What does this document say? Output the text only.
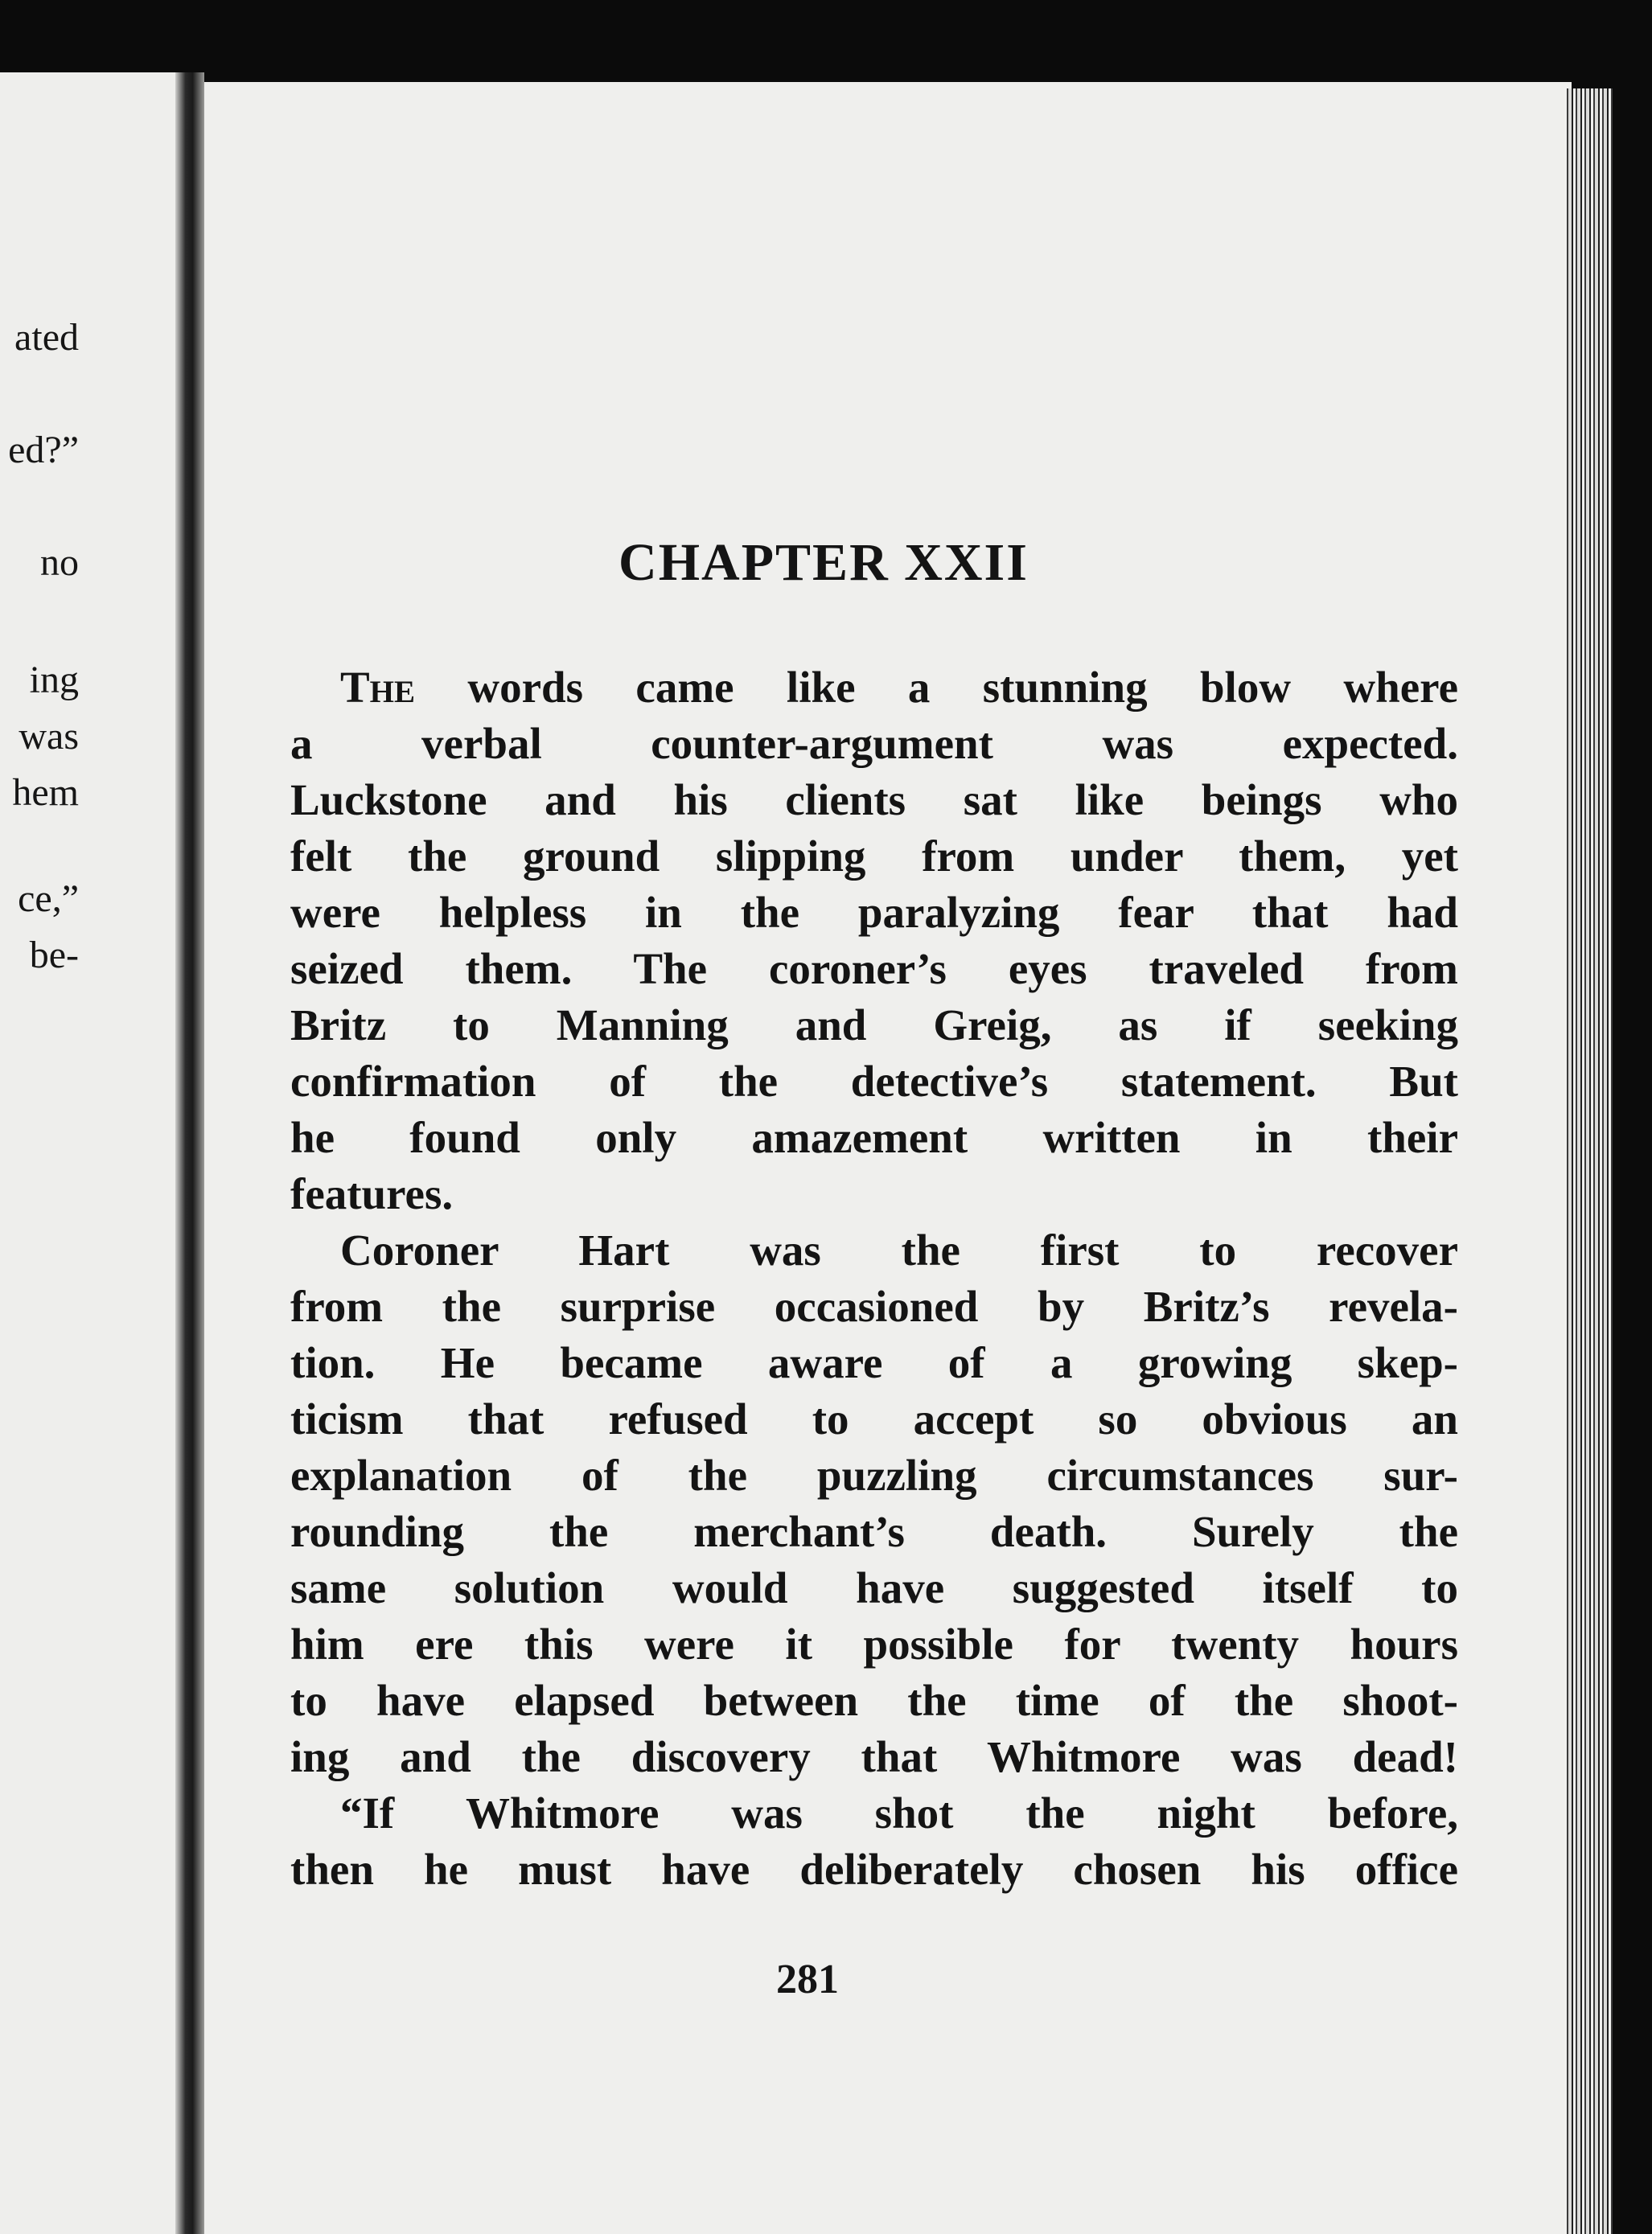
ated
ed?”
no
ing
was
hem
ce,”
be-
CHAPTER XXII
The words came like a stunning blow where
a verbal counter-argument was expected.
Luckstone and his clients sat like beings who
felt the ground slipping from under them, yet
were helpless in the paralyzing fear that had
seized them. The coroner’s eyes traveled from
Britz to Manning and Greig, as if seeking
confirmation of the detective’s statement. But
he found only amazement written in their
features.
Coroner Hart was the first to recover
from the surprise occasioned by Britz’s revela-
tion. He became aware of a growing skep-
ticism that refused to accept so obvious an
explanation of the puzzling circumstances sur-
rounding the merchant’s death. Surely the
same solution would have suggested itself to
him ere this were it possible for twenty hours
to have elapsed between the time of the shoot-
ing and the discovery that Whitmore was dead!
“If Whitmore was shot the night before,
then he must have deliberately chosen his office
281
